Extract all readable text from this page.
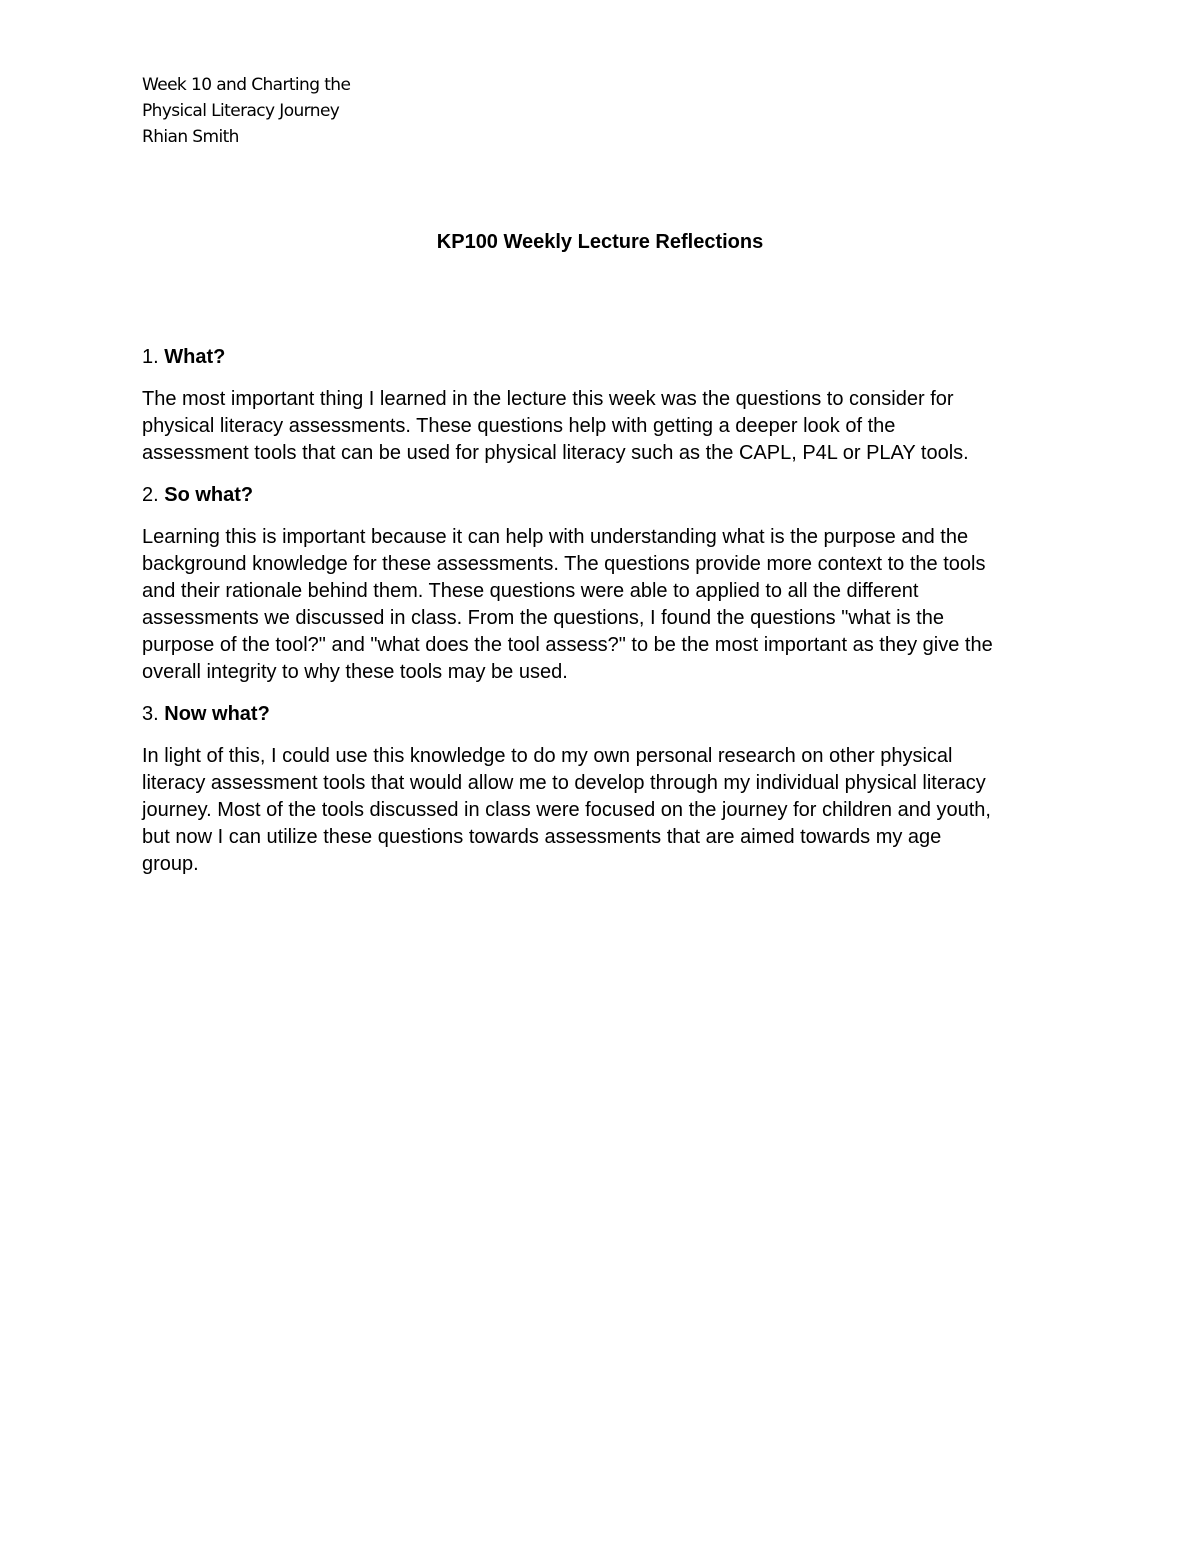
Week 10 and Charting the
Physical Literacy Journey
Rhian Smith
KP100 Weekly Lecture Reflections
1. What?
The most important thing I learned in the lecture this week was the questions to consider for
physical literacy assessments. These questions help with getting a deeper look of the
assessment tools that can be used for physical literacy such as the CAPL, P4L or PLAY tools.
2. So what?
Learning this is important because it can help with understanding what is the purpose and the
background knowledge for these assessments. The questions provide more context to the tools
and their rationale behind them. These questions were able to applied to all the different
assessments we discussed in class. From the questions, I found the questions "what is the
purpose of the tool?" and "what does the tool assess?" to be the most important as they give the
overall integrity to why these tools may be used.
3. Now what?
In light of this, I could use this knowledge to do my own personal research on other physical
literacy assessment tools that would allow me to develop through my individual physical literacy
journey. Most of the tools discussed in class were focused on the journey for children and youth,
but now I can utilize these questions towards assessments that are aimed towards my age
group.
